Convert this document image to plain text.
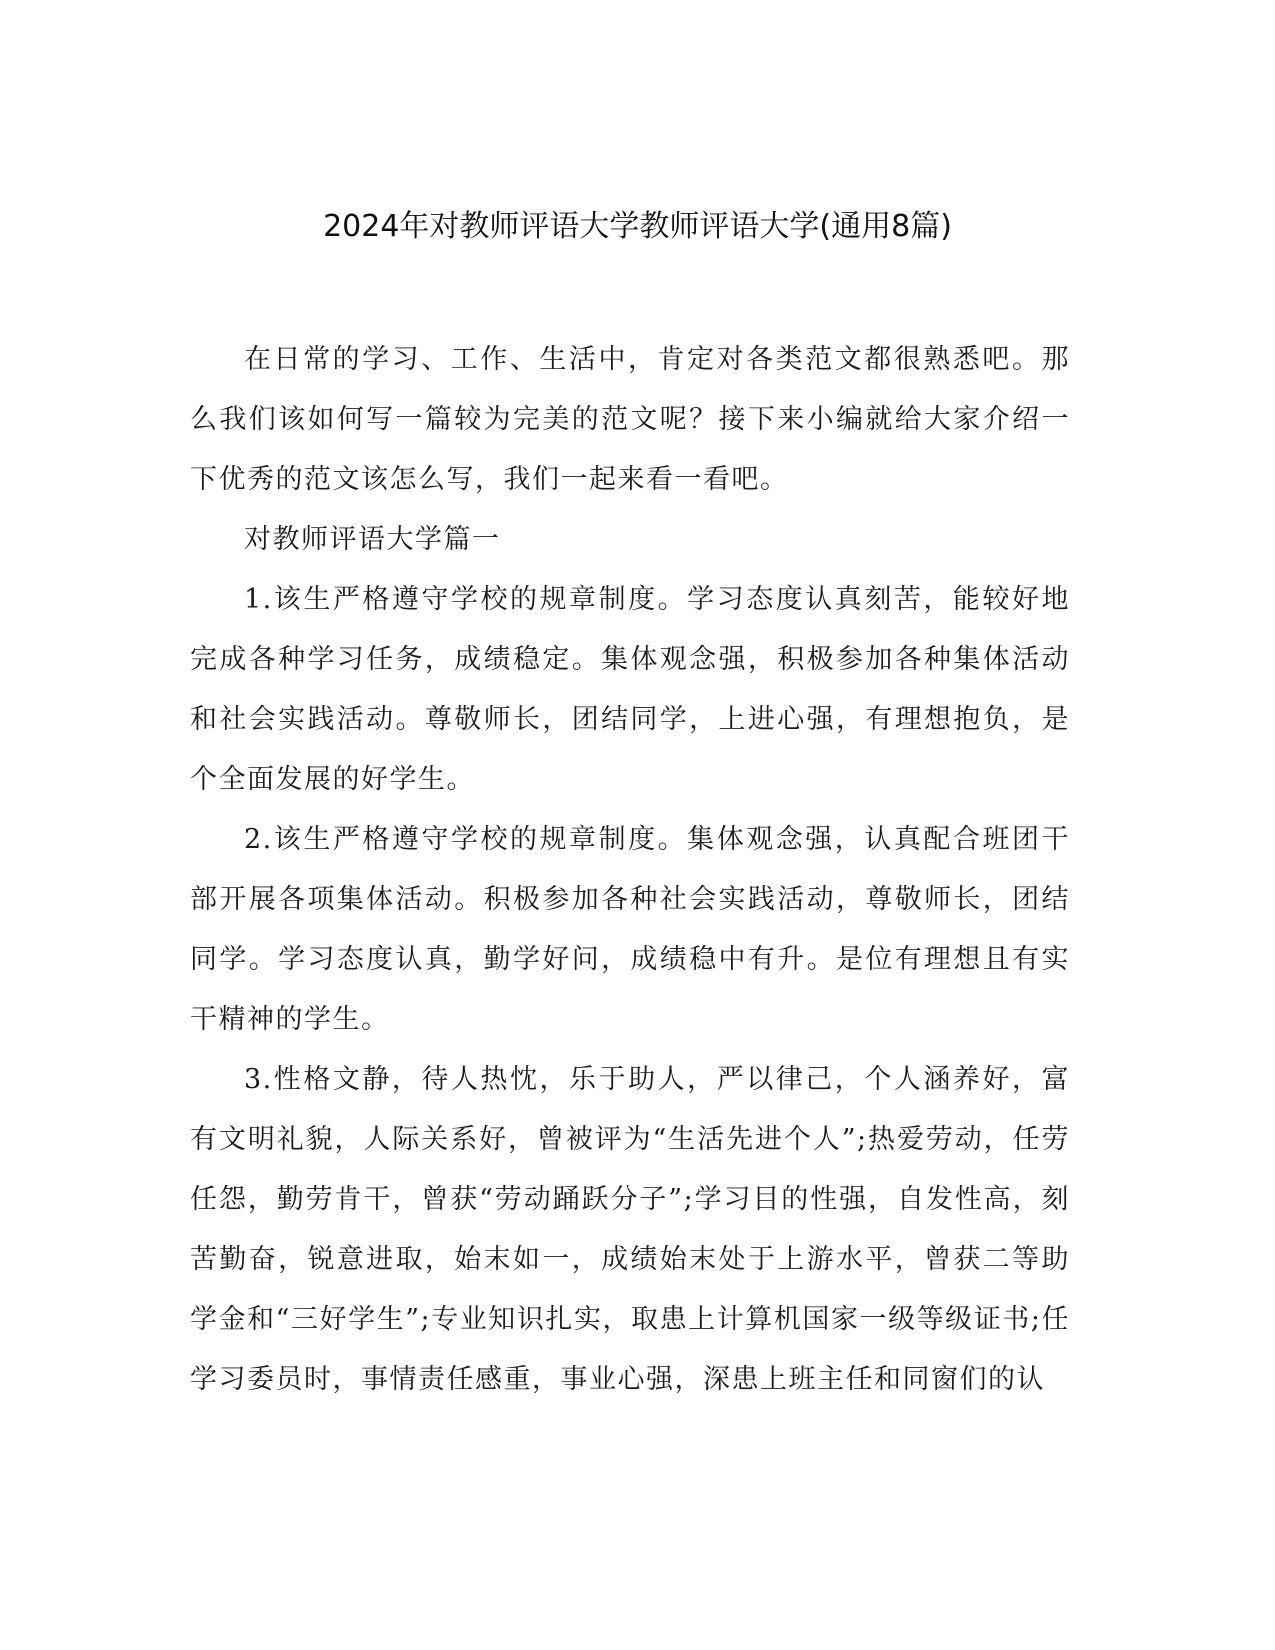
2024年对教师评语大学教师评语大学(通用8篇)

在日常的学习、工作、生活中，肯定对各类范文都很熟悉吧。那么我们该如何写一篇较为完美的范文呢？接下来小编就给大家介绍一下优秀的范文该怎么写，我们一起来看一看吧。

对教师评语大学篇一

1.该生严格遵守学校的规章制度。学习态度认真刻苦，能较好地完成各种学习任务，成绩稳定。集体观念强，积极参加各种集体活动和社会实践活动。尊敬师长，团结同学，上进心强，有理想抱负，是个全面发展的好学生。

2.该生严格遵守学校的规章制度。集体观念强，认真配合班团干部开展各项集体活动。积极参加各种社会实践活动，尊敬师长，团结同学。学习态度认真，勤学好问，成绩稳中有升。是位有理想且有实干精神的学生。

3.性格文静，待人热忱，乐于助人，严以律己，个人涵养好，富有文明礼貌，人际关系好，曾被评为“生活先进个人”;热爱劳动，任劳任怨，勤劳肯干，曾获“劳动踊跃分子”;学习目的性强，自发性高，刻苦勤奋，锐意进取，始末如一，成绩始末处于上游水平，曾获二等助学金和“三好学生”;专业知识扎实，取患上计算机国家一级等级证书;任学习委员时，事情责任感重，事业心强，深患上班主任和同窗们的认
